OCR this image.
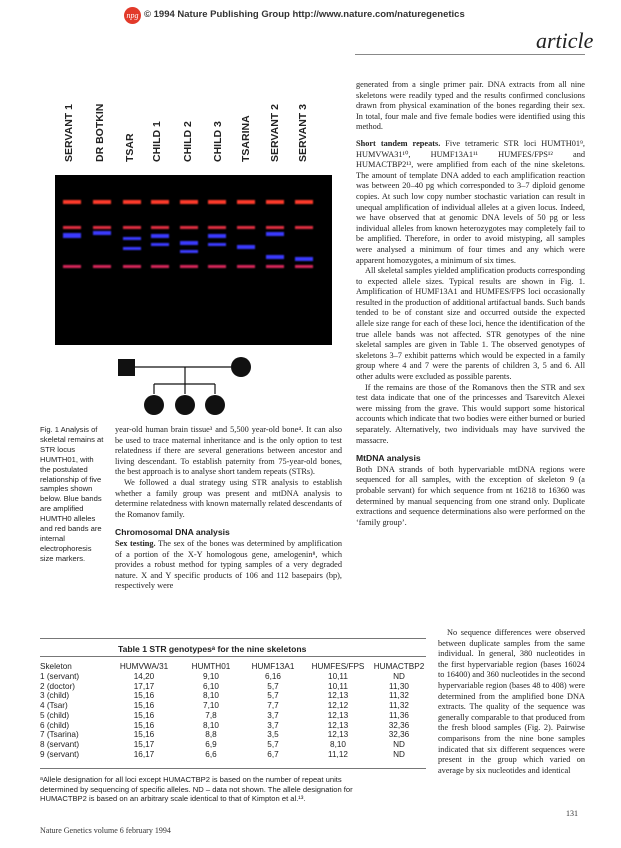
npg © 1994 Nature Publishing Group http://www.nature.com/naturegenetics
article
SERVANT 1 DR BOTKIN TSAR CHILD 1 CHILD 2 CHILD 3 TSARINA SERVANT 2 SERVANT 3
Fig. 1 Analysis of skeletal remains at STR locus HUMTH01, with the postulated relationship of five samples shown below. Blue bands are amplified HUMTH0 alleles and red bands are internal electrophoresis size markers.

year-old human brain tissue³ and 5,500 year-old bone⁴. It can also be used to trace maternal inheritance and is the only option to test relatedness if there are several generations between ancestor and living descendant. To establish paternity from 75-year-old bones, the best approach is to analyse short tandem repeats (STRs).

We followed a dual strategy using STR analysis to establish whether a family group was present and mtDNA analysis to determine relatedness with known maternally related descendants of the Romanov family.

Chromosomal DNA analysis

Sex testing. The sex of the bones was determined by amplification of a portion of the X-Y homologous gene, amelogenin⁸, which provides a robust method for typing samples of a very degraded nature. X and Y specific products of 106 and 112 basepairs (bp), respectively were

generated from a single primer pair. DNA extracts from all nine skeletons were readily typed and the results confirmed conclusions drawn from physical examination of the bones regarding their sex. In total, four male and five female bodies were identified using this method.

Short tandem repeats. Five tetrameric STR loci HUMTH01⁹, HUMVWA31¹⁰, HUMF13A1¹¹ HUMFES/FPS¹² and HUMACTBP2¹³, were amplified from each of the nine skeletons. The amount of template DNA added to each amplification reaction was between 20–40 pg which corresponded to 3–7 diploid genome copies. At such low copy number stochastic variation can result in unequal amplification of individual alleles at a given locus. Indeed, we have observed that at genomic DNA levels of 50 pg or less individual alleles from known heterozygotes may completely fail to be amplified. Therefore, in order to avoid mistyping, all samples were analysed a minimum of four times and any which were apparent homozygotes, a minimum of six times.

All skeletal samples yielded amplification products corresponding to expected allele sizes. Typical results are shown in Fig. 1. Amplification of HUMF13A1 and HUMFES/FPS loci occasionally resulted in the production of additional artifactual bands. Such bands tended to be of constant size and occurred outside the expected allele size range for each of these loci, hence the identification of the true allele bands was not affected. STR genotypes of the nine skeletal samples are given in Table 1. The observed genotypes of skeletons 3–7 exhibit patterns which would be expected in a family group where 4 and 7 were the parents of children 3, 5 and 6. All other adults were excluded as possible parents.

If the remains are those of the Romanovs then the STR and sex test data indicate that one of the princesses and Tsarevitch Alexei were missing from the grave. This would support some historical accounts which indicate that two bodies were either burned or buried separately. Alternatively, two individuals may have survived the massacre.

MtDNA analysis

Both DNA strands of both hypervariable mtDNA regions were sequenced for all samples, with the exception of skeleton 9 (a probable servant) for which sequence from nt 16218 to 16360 was determined by manual sequencing from one strand only. Duplicate extractions and sequence determinations also were performed on the ‘family group’.

No sequence differences were observed between duplicate samples from the same individual. In general, 380 nucleotides in the first hypervariable region (bases 16024 to 16400) and 360 nucleotides in the second hypervariable region (bases 48 to 408) were determined from the amplified bone DNA extracts. The quality of the sequence was generally comparable to that produced from the fresh blood samples (Fig. 2). Pairwise comparisons from the nine bone samples indicated that six different sequences were present in the group which varied on average by six nucleotides and identical

Table 1 STR genotypesᵃ for the nine skeletons
Skeleton	HUMVWA/31	HUMTH01	HUMF13A1	HUMFES/FPS	HUMACTBP2
1 (servant)	14,20	9,10	6,16	10,11	ND
2 (doctor)	17,17	6,10	5,7	10,11	11,30
3 (child)	15,16	8,10	5,7	12,13	11,32
4 (Tsar)	15,16	7,10	7,7	12,12	11,32
5 (child)	15,16	7,8	3,7	12,13	11,36
6 (child)	15,16	8,10	3,7	12,13	32,36
7 (Tsarina)	15,16	8,8	3,5	12,13	32,36
8 (servant)	15,17	6,9	5,7	8,10	ND
9 (servant)	16,17	6,6	6,7	11,12	ND
ᵃAllele designation for all loci except HUMACTBP2 is based on the number of repeat units determined by sequencing of specific alleles. ND – data not shown. The allele designation for HUMACTBP2 is based on an arbitrary scale identical to that of Kimpton et al.¹³.
Nature Genetics volume 6 february 1994
131
